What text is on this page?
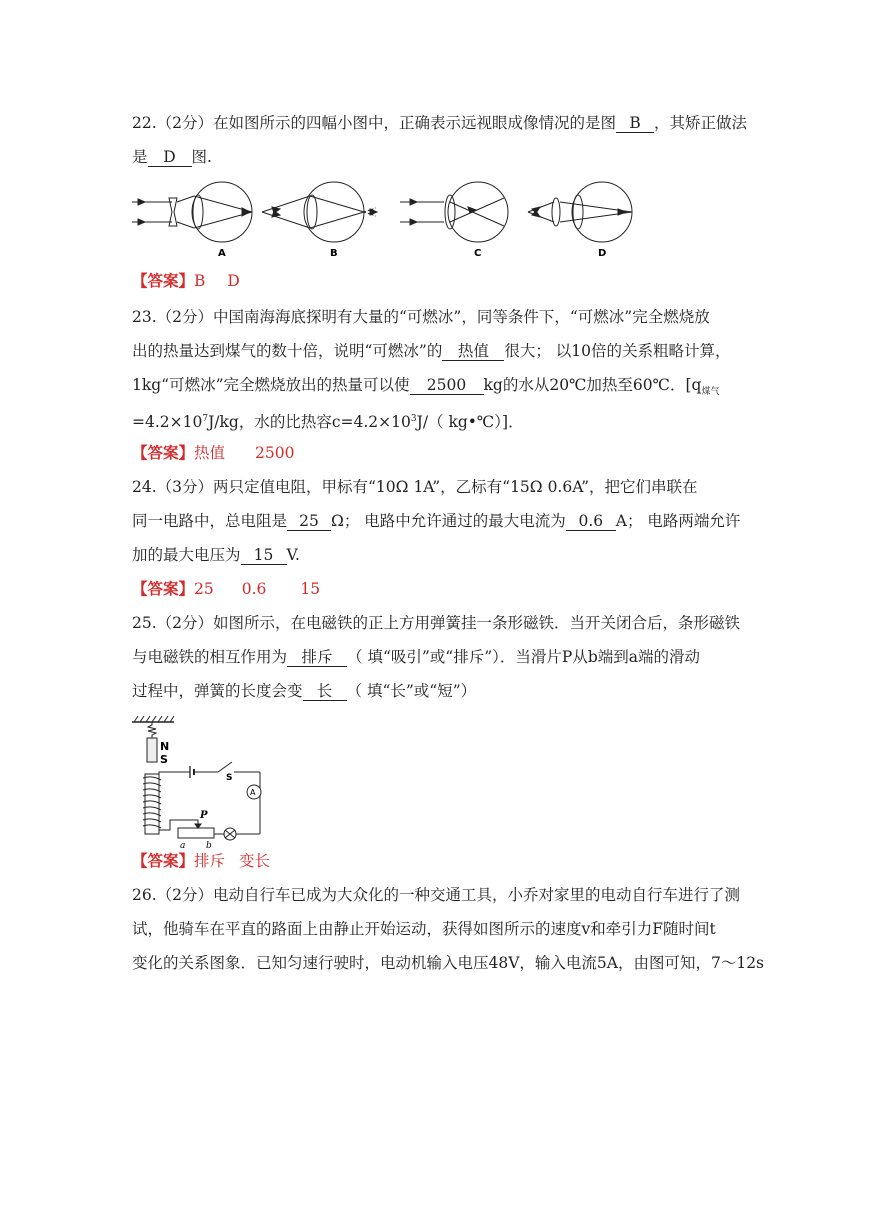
22.（2分）在如图所示的四幅小图中，正确表示远视眼成像情况的是图 B ，其矫正做法
是 D 图.
A	B	C	D
【答案】B D
23.（2分）中国南海海底探明有大量的“可燃冰”，同等条件下，“可燃冰”完全燃烧放
出的热量达到煤气的数十倍，说明“可燃冰”的 热值 很大； 以10倍的关系粗略计算，
1kg“可燃冰”完全燃烧放出的热量可以使 2500 kg的水从20℃加热至60℃．[$q_{煤气}$
$=4.2\times 10^7J/kg$，水的比热容$c=4.2\times 10^3J/$（ kg•℃）]．
【答案】热值 2500
24.（3分）两只定值电阻，甲标有“10Ω 1A”，乙标有“15Ω 0.6A”，把它们串联在
同一电路中，总电阻是 25 Ω； 电路中允许通过的最大电流为 0.6 A； 电路两端允许
加的最大电压为 15 V.
【答案】25 0.6 15
25.（2分）如图所示，在电磁铁的正上方用弹簧挂一条形磁铁．当开关闭合后，条形磁铁
与电磁铁的相互作用为 排斥 （ 填“吸引”或“排斥”）．当滑片P从b端到a端的滑动
过程中，弹簧的长度会变 长 （ 填“长”或“短”）
N
S
S
A
P
a b
【答案】排斥 变长
26.（2分）电动自行车已成为大众化的一种交通工具，小乔对家里的电动自行车进行了测
试，他骑车在平直的路面上由静止开始运动，获得如图所示的速度v和牵引力F随时间t
变化的关系图象．已知匀速行驶时，电动机输入电压48V，输入电流5A，由图可知，7～12s
